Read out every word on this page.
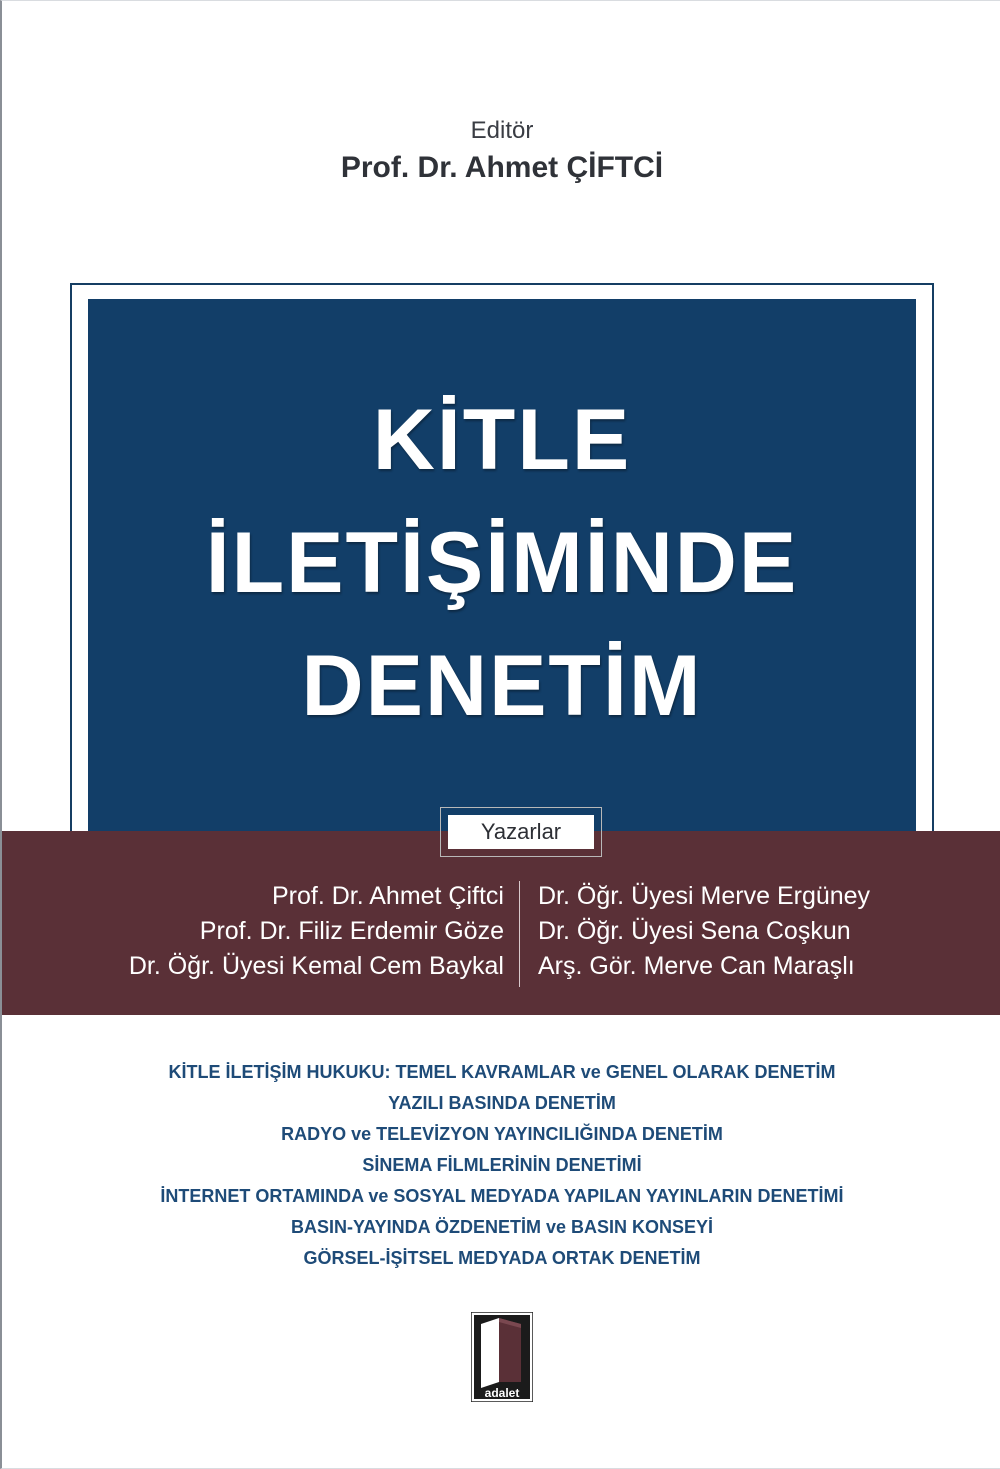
Editör
Prof. Dr. Ahmet ÇİFTCİ
KİTLE
İLETİŞİMİNDE
DENETİM
Yazarlar
Prof. Dr. Ahmet Çiftci
Prof. Dr. Filiz Erdemir Göze
Dr. Öğr. Üyesi Kemal Cem Baykal
Dr. Öğr. Üyesi Merve Ergüney
Dr. Öğr. Üyesi Sena Coşkun
Arş. Gör. Merve Can Maraşlı
KİTLE İLETİŞİM HUKUKU: TEMEL KAVRAMLAR ve GENEL OLARAK DENETİM
YAZILI BASINDA DENETİM
RADYO ve TELEVİZYON YAYINCILIĞINDA DENETİM
SİNEMA FİLMLERİNİN DENETİMİ
İNTERNET ORTAMINDA ve SOSYAL MEDYADA YAPILAN YAYINLARIN DENETİMİ
BASIN-YAYINDA ÖZDENETİM ve BASIN KONSEYİ
GÖRSEL-İŞİTSEL MEDYADA ORTAK DENETİM
adalet
